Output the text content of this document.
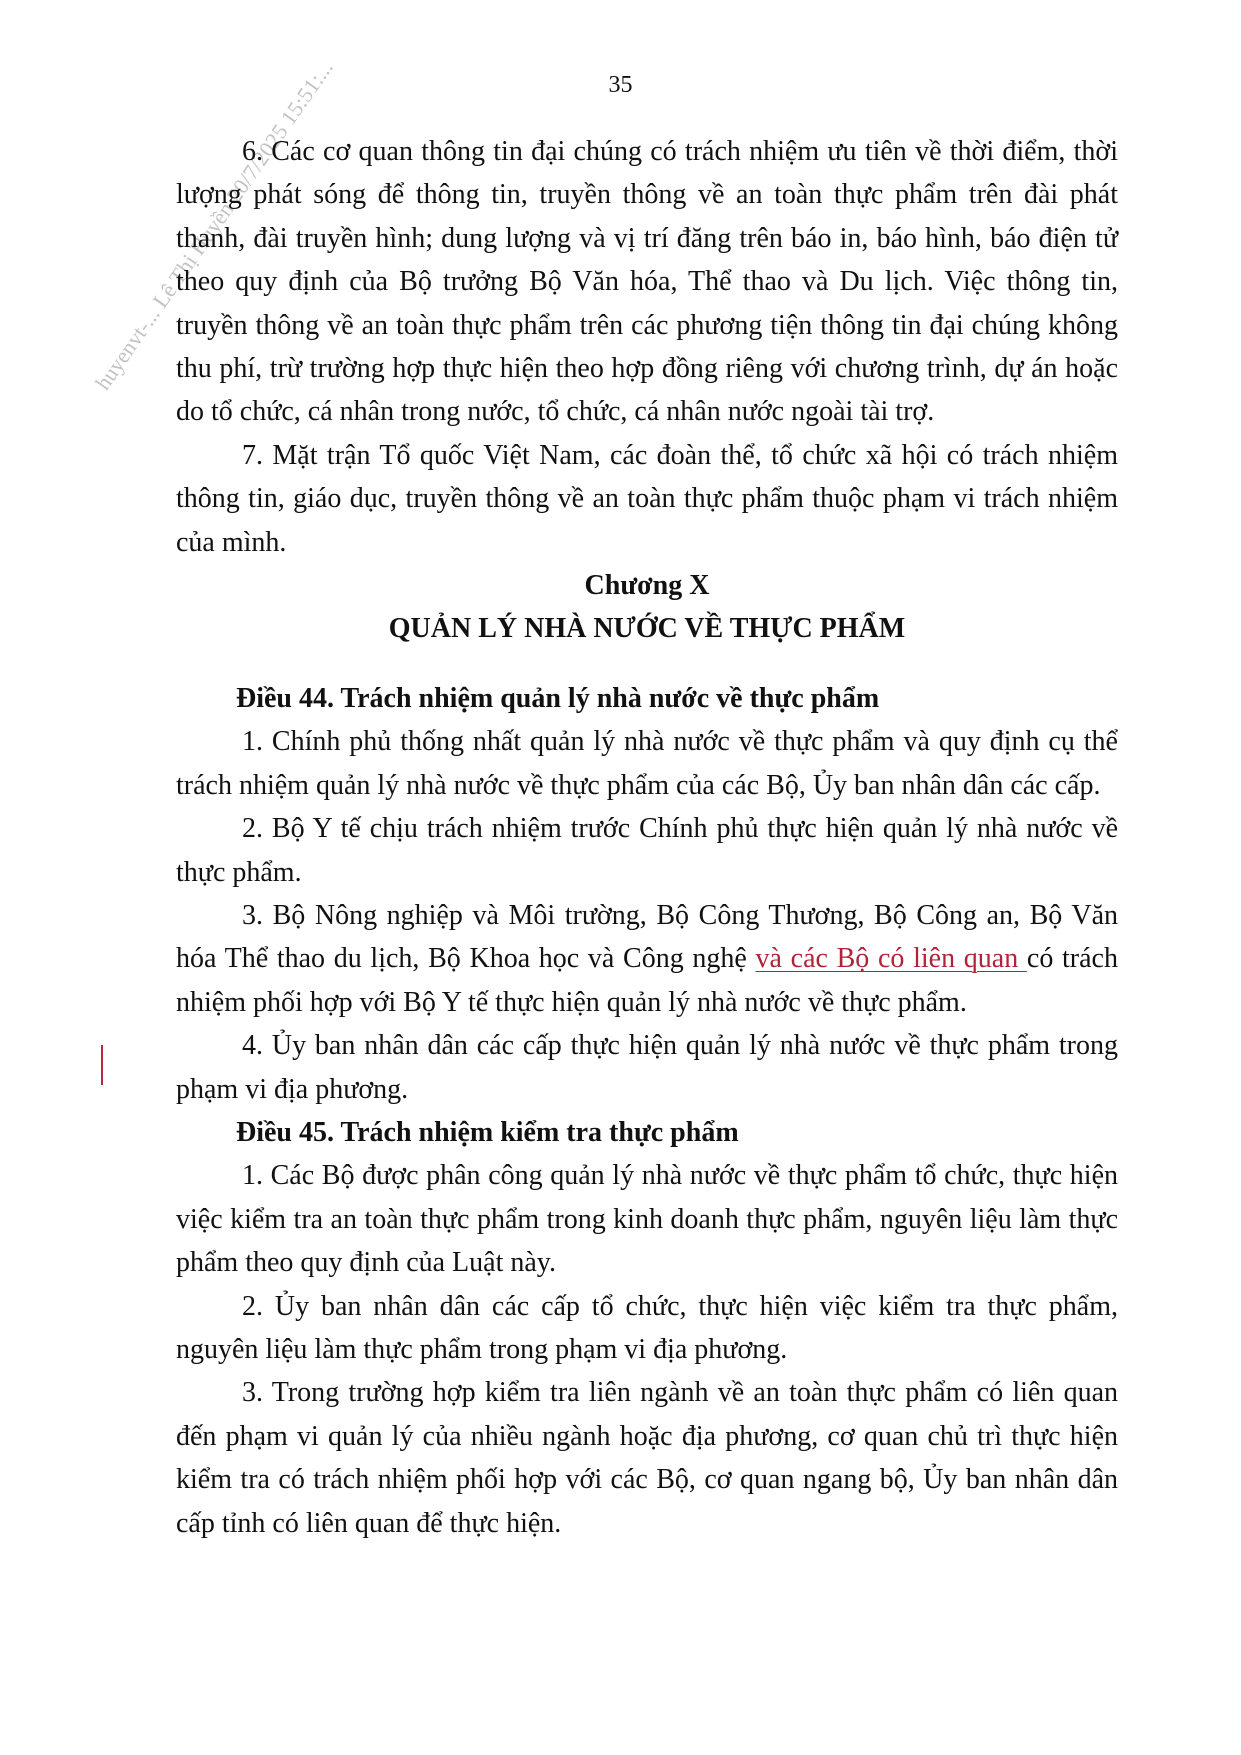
huyenvt-... Lê Thị Huyền 20/7/2025 15:51:...	35

6. Các cơ quan thông tin đại chúng có trách nhiệm ưu tiên về thời điểm, thời lượng phát sóng để thông tin, truyền thông về an toàn thực phẩm trên đài phát thanh, đài truyền hình; dung lượng và vị trí đăng trên báo in, báo hình, báo điện tử theo quy định của Bộ trưởng Bộ Văn hóa, Thể thao và Du lịch. Việc thông tin, truyền thông về an toàn thực phẩm trên các phương tiện thông tin đại chúng không thu phí, trừ trường hợp thực hiện theo hợp đồng riêng với chương trình, dự án hoặc do tổ chức, cá nhân trong nước, tổ chức, cá nhân nước ngoài tài trợ.

7. Mặt trận Tổ quốc Việt Nam, các đoàn thể, tổ chức xã hội có trách nhiệm thông tin, giáo dục, truyền thông về an toàn thực phẩm thuộc phạm vi trách nhiệm của mình.

Chương X

QUẢN LÝ NHÀ NƯỚC VỀ THỰC PHẨM

Điều 44. Trách nhiệm quản lý nhà nước về thực phẩm

1. Chính phủ thống nhất quản lý nhà nước về thực phẩm và quy định cụ thể trách nhiệm quản lý nhà nước về thực phẩm của các Bộ, Ủy ban nhân dân các cấp.

2. Bộ Y tế chịu trách nhiệm trước Chính phủ thực hiện quản lý nhà nước về thực phẩm.

3. Bộ Nông nghiệp và Môi trường, Bộ Công Thương, Bộ Công an, Bộ Văn hóa Thể thao du lịch, Bộ Khoa học và Công nghệ và các Bộ có liên quan có trách nhiệm phối hợp với Bộ Y tế thực hiện quản lý nhà nước về thực phẩm.

4. Ủy ban nhân dân các cấp thực hiện quản lý nhà nước về thực phẩm trong phạm vi địa phương.

Điều 45. Trách nhiệm kiểm tra thực phẩm

1. Các Bộ được phân công quản lý nhà nước về thực phẩm tổ chức, thực hiện việc kiểm tra an toàn thực phẩm trong kinh doanh thực phẩm, nguyên liệu làm thực phẩm theo quy định của Luật này.

2. Ủy ban nhân dân các cấp tổ chức, thực hiện việc kiểm tra thực phẩm, nguyên liệu làm thực phẩm trong phạm vi địa phương.

3. Trong trường hợp kiểm tra liên ngành về an toàn thực phẩm có liên quan đến phạm vi quản lý của nhiều ngành hoặc địa phương, cơ quan chủ trì thực hiện kiểm tra có trách nhiệm phối hợp với các Bộ, cơ quan ngang bộ, Ủy ban nhân dân cấp tỉnh có liên quan để thực hiện.
